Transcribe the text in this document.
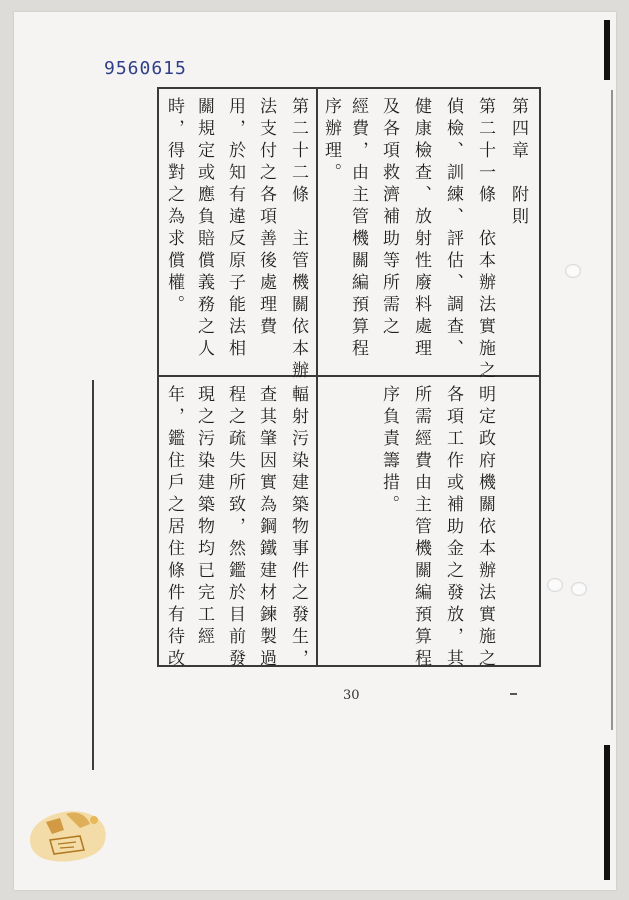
9560615
第四章　附則
第二十一條　依本辦法實施之
偵檢、訓練、評估、調查、
健康檢查、放射性廢料處理
及各項救濟補助等所需之
經費，由主管機關編預算程
序辦理。
第二十二條　主管機關依本辦
法支付之各項善後處理費
用，於知有違反原子能法相
關規定或應負賠償義務之人
時，得對之為求償權。
明定政府機關依本辦法實施之
各項工作或補助金之發放，其
所需經費由主管機關編預算程
序負責籌措。
輻射污染建築物事件之發生，
查其肇因實為鋼鐵建材鍊製過
程之疏失所致，然鑑於目前發
現之污染建築物均已完工經
年，鑑住戶之居住條件有待改
30
